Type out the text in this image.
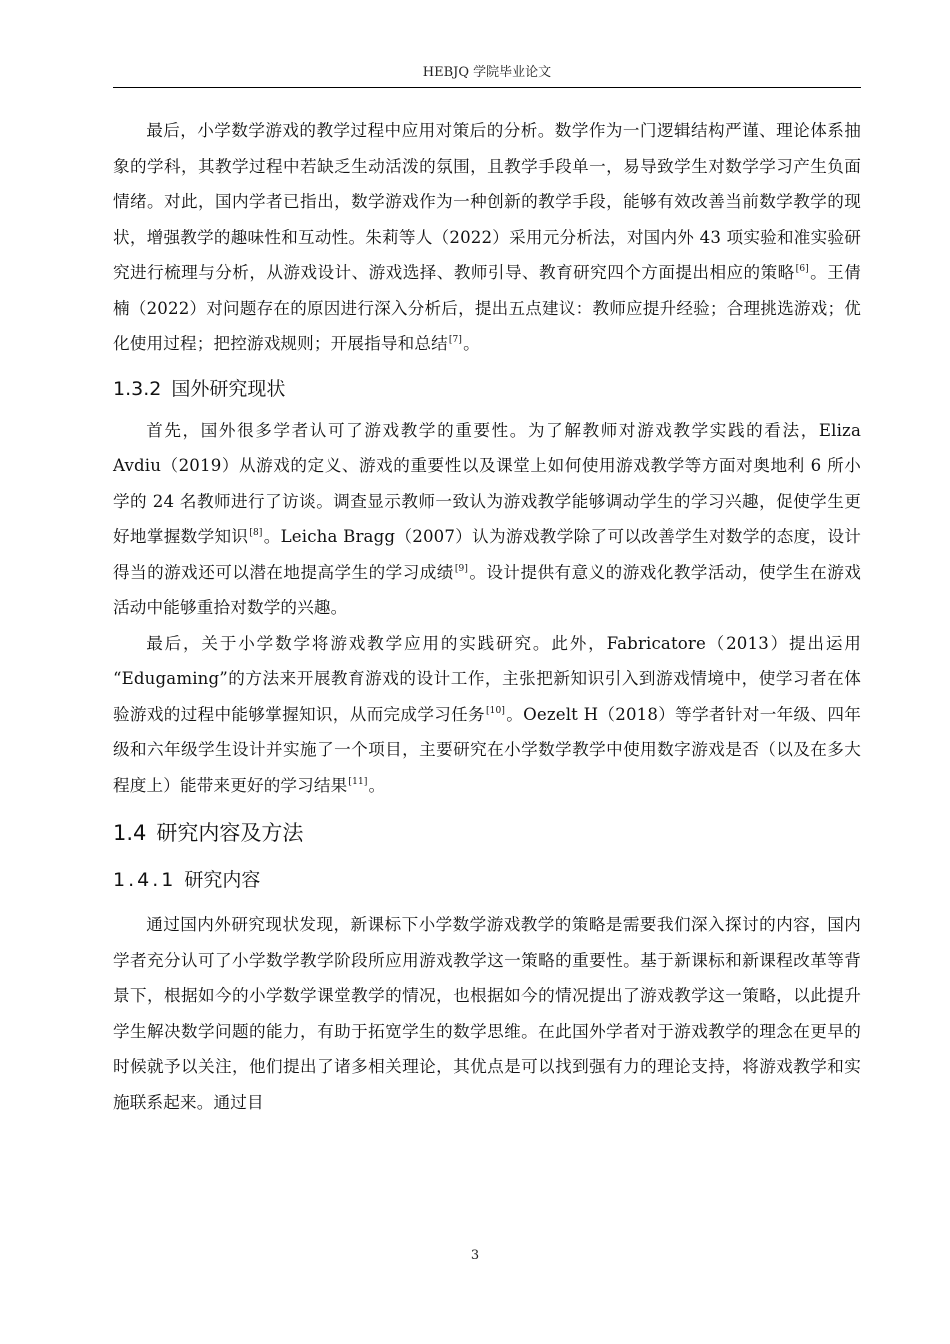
HEBJQ 学院毕业论文

最后，小学数学游戏的教学过程中应用对策后的分析。数学作为一门逻辑结构严谨、理论体系抽象的学科，其教学过程中若缺乏生动活泼的氛围，且教学手段单一，易导致学生对数学学习产生负面情绪。对此，国内学者已指出，数学游戏作为一种创新的教学手段，能够有效改善当前数学教学的现状，增强教学的趣味性和互动性。朱莉等人（2022）采用元分析法，对国内外 43 项实验和准实验研究进行梳理与分析，从游戏设计、游戏选择、教师引导、教育研究四个方面提出相应的策略[6]。王倩楠（2022）对问题存在的原因进行深入分析后，提出五点建议：教师应提升经验；合理挑选游戏；优化使用过程；把控游戏规则；开展指导和总结[7]。

1.3.2 国外研究现状

首先，国外很多学者认可了游戏教学的重要性。为了解教师对游戏教学实践的看法，Eliza Avdiu（2019）从游戏的定义、游戏的重要性以及课堂上如何使用游戏教学等方面对奥地利 6 所小学的 24 名教师进行了访谈。调查显示教师一致认为游戏教学能够调动学生的学习兴趣，促使学生更好地掌握数学知识[8]。Leicha Bragg（2007）认为游戏教学除了可以改善学生对数学的态度，设计得当的游戏还可以潜在地提高学生的学习成绩[9]。设计提供有意义的游戏化教学活动，使学生在游戏活动中能够重拾对数学的兴趣。

最后，关于小学数学将游戏教学应用的实践研究。此外，Fabricatore（2013）提出运用 “Edugaming”的方法来开展教育游戏的设计工作，主张把新知识引入到游戏情境中，使学习者在体验游戏的过程中能够掌握知识，从而完成学习任务[10]。Oezelt H（2018）等学者针对一年级、四年级和六年级学生设计并实施了一个项目，主要研究在小学数学教学中使用数字游戏是否（以及在多大程度上）能带来更好的学习结果[11]。

1.4 研究内容及方法
1.4.1 研究内容

通过国内外研究现状发现，新课标下小学数学游戏教学的策略是需要我们深入探讨的内容，国内学者充分认可了小学数学教学阶段所应用游戏教学这一策略的重要性。基于新课标和新课程改革等背景下，根据如今的小学数学课堂教学的情况，也根据如今的情况提出了游戏教学这一策略，以此提升学生解决数学问题的能力，有助于拓宽学生的数学思维。在此国外学者对于游戏教学的理念在更早的时候就予以关注，他们提出了诸多相关理论，其优点是可以找到强有力的理论支持，将游戏教学和实施联系起来。通过目

3
